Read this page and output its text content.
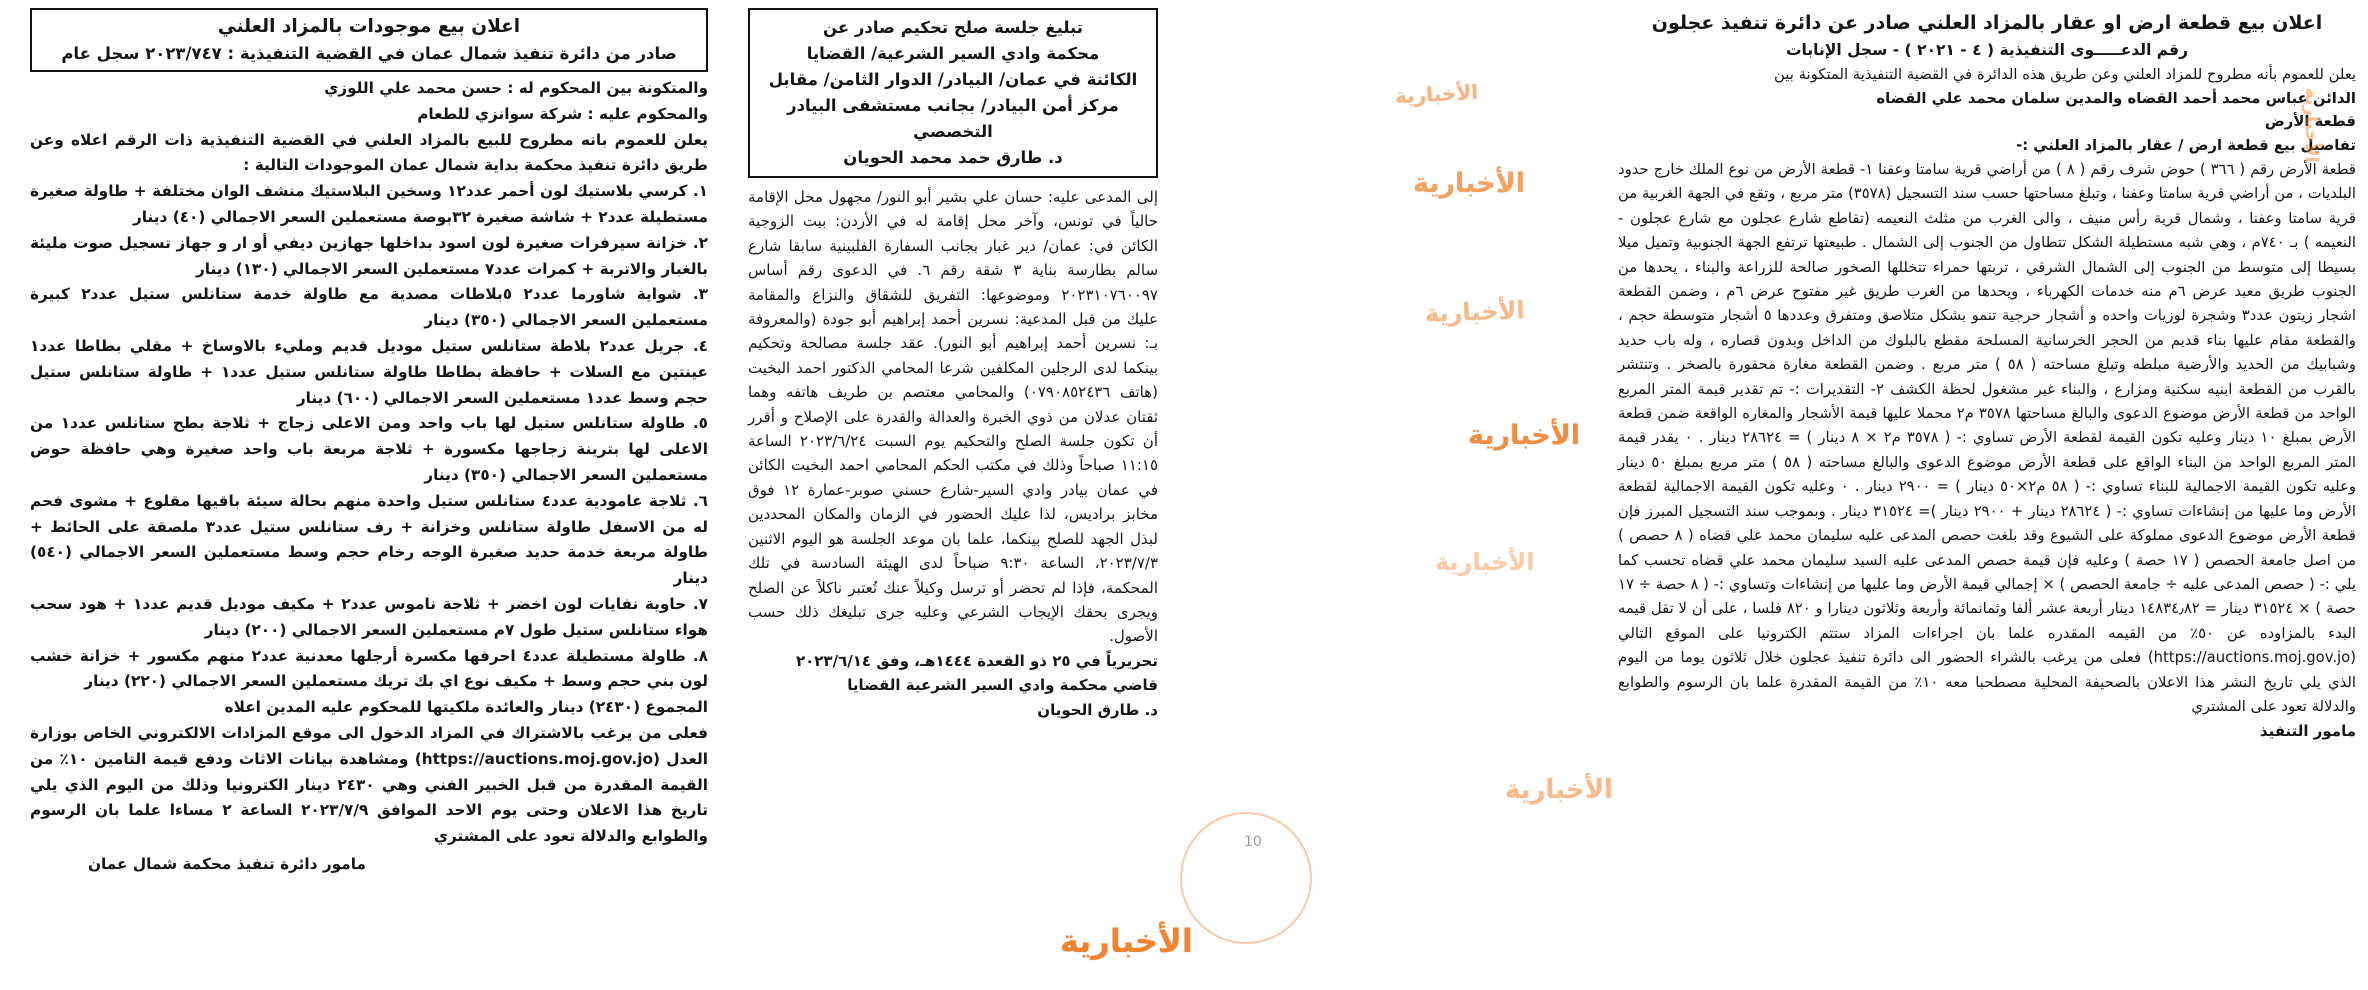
اعلان بيع موجودات بالمزاد العلني
صادر من دائرة تنفيذ شمال عمان في القضية التنفيذية : ٢٠٢٣/٧٤٧ سجل عام
والمتكونة بين المحكوم له : حسن محمد علي اللوزي
والمحكوم عليه : شركة سوانزي للطعام
يعلن للعموم بانه مطروح للبيع بالمزاد العلني في القضية التنفيذية ذات الرقم اعلاه وعن طريق دائرة تنفيذ محكمة بداية شمال عمان الموجودات التالية :
١. كرسي بلاستيك لون أحمر عدد١٢ وسخين البلاستيك منشف الوان مختلفة + طاولة صغيرة مستطيلة عدد٢ + شاشة صغيرة ٣٢بوصة مستعملين السعر الاجمالي (٤٠) دينار
٢. خزانة سيرفرات صغيرة لون اسود بداخلها جهازين ديفي أو ار و جهاز تسجيل صوت مليئة بالغبار والاتربة + كمرات عدد٧ مستعملين السعر الاجمالي (١٣٠) دينار
٣. شواية شاورما عدد٢ ٥بلاطات مصدية مع طاولة خدمة ستانلس ستيل عدد٢ كبيرة مستعملين السعر الاجمالي (٣٥٠) دينار
٤. جريل عدد٢ بلاطة ستانلس ستيل موديل قديم ومليء بالاوساخ + مقلي بطاطا عدد١ عينتين مع السلات + حافظة بطاطا طاولة ستانلس ستيل عدد١ + طاولة ستانلس ستيل حجم وسط عدد١ مستعملين السعر الاجمالي (٦٠٠) دينار
٥. طاولة ستانلس ستيل لها باب واحد ومن الاعلى زجاج + ثلاجة بطح ستانلس عدد١ من الاعلى لها بترينة زجاجها مكسورة + ثلاجة مربعة باب واحد صغيرة وهي حافظة حوض مستعملين السعر الاجمالي (٣٥٠) دينار
٦. ثلاجة عامودية عدد٤ ستانلس ستيل واحدة منهم بحالة سيئة باقيها مقلوع + مشوى فحم له من الاسفل طاولة ستانلس وخزانة + رف ستانلس ستيل عدد٣ ملصقة على الحائط + طاولة مربعة خدمة حديد صغيرة الوجه رخام حجم وسط مستعملين السعر الاجمالي (٥٤٠) دينار
٧. حاوية نفايات لون اخضر + ثلاجة ناموس عدد٢ + مكيف موديل قديم عدد١ + هود سحب هواء ستانلس ستيل طول ٧م مستعملين السعر الاجمالي (٢٠٠) دينار
٨. طاولة مستطيلة عدد٤ احرفها مكسرة أرجلها معدنية عدد٢ منهم مكسور + خزانة خشب لون بني حجم وسط + مكيف نوع اي بك تريك مستعملين السعر الاجمالي (٢٢٠) دينار
المجموع (٢٤٣٠) دينار والعائدة ملكيتها للمحكوم عليه المدين اعلاه
فعلى من يرغب بالاشتراك في المزاد الدخول الى موقع المزادات الالكتروني الخاص بوزارة العدل (https://auctions.moj.gov.jo) ومشاهدة بيانات الاثاث ودفع قيمة التامين ١٠٪ من القيمة المقدرة من قبل الخبير الفني وهي ٢٤٣٠ دينار الكترونيا وذلك من اليوم الذي يلي تاريخ هذا الاعلان وحتى يوم الاحد الموافق ٢٠٢٣/٧/٩ الساعة ٢ مساءا علما بان الرسوم والطوابع والدلالة تعود على المشتري
مامور دائرة تنفيذ محكمة شمال عمان
تبليغ جلسة صلح تحكيم صادر عن
محكمة وادي السير الشرعية/ القضايا
الكائنة في عمان/ البيادر/ الدوار الثامن/ مقابل
مركز أمن البيادر/ بجانب مستشفى البيادر التخصصي
د. طارق حمد محمد الحويان
إلى المدعى عليه: حسان علي بشير أبو النور/ مجهول محل الإقامة حالياً في تونس، وآخر محل إقامة له في الأردن: بيت الزوجية الكائن في: عمان/ دير غبار بجانب السفارة الفلبينية سابقا شارع سالم بطارسة بناية ٣ شقة رقم ٦. في الدعوى رقم أساس ٢٠٢٣١٠٧٦٠٠٩٧ وموضوعها: التفريق للشقاق والنزاع والمقامة عليك من قبل المدعية: نسرين أحمد إبراهيم أبو جودة (والمعروفة بـ: نسرين أحمد إبراهيم أبو النور). عقد جلسة مصالحة وتحكيم بينكما لدى الرجلين المكلفين شرعا المحامي الدكتور احمد البخيت (هاتف ٠٧٩٠٨٥٢٤٣٦) والمحامي معتصم بن طريف هاتفه وهما ثقتان عدلان من ذوي الخبرة والعدالة والقدرة على الإصلاح و أقرر أن تكون جلسة الصلح والتحكيم يوم السبت ٢٠٢٣/٦/٢٤ الساعة ١١:١٥ صباحاً وذلك في مكتب الحكم المحامي احمد البخيت الكائن في عمان بيادر وادي السير-شارع حسني صوبر-عمارة ١٢ فوق مخابز براديس، لذا عليك الحضور في الزمان والمكان المحددين لبذل الجهد للصلح بينكما، علما بان موعد الجلسة هو اليوم الاثنين ٢٠٢٣/٧/٣، الساعة ٩:٣٠ صباحاً لدى الهيئة السادسة في تلك المحكمة، فإذا لم تحضر أو ترسل وكيلاً عنك تُعتبر ناكلاً عن الصلح ويجرى بحقك الإيجاب الشرعي وعليه جرى تبليغك ذلك حسب الأصول.
تحريرياً في ٢٥ ذو القعدة ١٤٤٤هـ، وفق ٢٠٢٣/٦/١٤
قاضي محكمة وادي السير الشرعية القضايا
د. طارق الحويان
اعلان بيع قطعة ارض او عقار بالمزاد العلني صادر عن دائرة تنفيذ عجلون
رقم الدعـــــوى التنفيذية ( ٤ - ٢٠٢١ ) - سجل الإنابات
يعلن للعموم بأنه مطروح للمزاد العلني وعن طريق هذه الدائرة في القضية التنفيذية المتكونة بين
الدائن عباس محمد أحمد القضاه والمدين سلمان محمد علي القضاه
قطعة الأرض
تفاصيل بيع قطعة ارض / عقار بالمزاد العلني :-
قطعة الأرض رقم ( ٣٦٦ ) حوض شرف رقم ( ٨ ) من أراضي قرية سامتا وعفنا ١- قطعة الأرض من نوع الملك خارج حدود البلديات ، من أراضي قرية سامتا وعفنا ، وتبلغ مساحتها حسب سند التسجيل (٣٥٧٨) متر مربع ، وتقع في الجهة الغربية من قرية سامتا وعفنا ، وشمال قرية رأس منيف ، والى الغرب من مثلث النعيمه (تقاطع شارع عجلون مع شارع عجلون - النعيمه ) بـ ٧٤٠م ، وهي شبه مستطيلة الشكل تتطاول من الجنوب إلى الشمال . طبيعتها ترتفع الجهة الجنوبية وتميل ميلا بسيطا إلى متوسط من الجنوب إلى الشمال الشرقي ، تربتها حمراء تتخللها الصخور صالحة للزراعة والبناء ، يحدها من الجنوب طريق معبد عرض ٦م منه خدمات الكهرباء ، ويحدها من الغرب طريق غير مفتوح عرض ٦م ، وضمن القطعة اشجار زيتون عدد٣ وشجرة لوزيات واحده و أشجار حرجية تنمو بشكل متلاصق ومتفرق وعددها ٥ أشجار متوسطة حجم ، والقطعة مقام عليها بناء قديم من الحجر الخرسانية المسلحة مقطع بالبلوك من الداخل وبدون قصاره ، وله باب حديد وشبابيك من الحديد والأرضية مبلطه وتبلغ مساحته ( ٥٨ ) متر مربع . وضمن القطعة مغارة محفورة بالصخر . وتنتشر بالقرب من القطعة ابنيه سكنية ومزارع ، والبناء غير مشغول لحظة الكشف ٢- التقديرات :- تم تقدير قيمة المتر المربع الواحد من قطعة الأرض موضوع الدعوى والبالغ مساحتها ٣٥٧٨ م٢ محملا عليها قيمة الأشجار والمغاره الواقعة ضمن قطعة الأرض بمبلغ ١٠ دينار وعليه تكون القيمة لقطعة الأرض تساوي :- ( ٣٥٧٨ م٢ × ٨ دينار ) = ٢٨٦٢٤ دينار . ٠ يقدر قيمة المتر المربع الواحد من البناء الواقع على قطعة الأرض موضوع الدعوى والبالغ مساحته ( ٥٨ ) متر مربع بمبلغ ٥٠ دينار وعليه تكون القيمة الاجمالية للبناء تساوي :- ( ٥٨ م٢×٥٠ دينار ) = ٢٩٠٠ دينار . ٠ وعليه تكون القيمة الاجمالية لقطعة الأرض وما عليها من إنشاءات تساوي :- ( ٢٨٦٢٤ دينار + ٢٩٠٠ دينار )= ٣١٥٢٤ دينار . وبموجب سند التسجيل المبرز فإن قطعة الأرض موضوع الدعوى مملوكة على الشيوع وقد بلغت حصص المدعى عليه سليمان محمد علي قضاه ( ٨ حصص ) من اصل جامعة الحصص ( ١٧ حصة ) وعليه فإن قيمة حصص المدعى عليه السيد سليمان محمد علي قضاه تحسب كما يلي :- ( حصص المدعى عليه ÷ جامعة الحصص ) × إجمالي قيمة الأرض وما عليها من إنشاءات وتساوي :- ( ٨ حصة ÷ ١٧ حصة ) × ٣١٥٢٤ دينار = ١٤٨٣٤٫٨٢ دينار أربعة عشر ألفا وثمانمائة وأربعة وثلاثون دينارا و ٨٢٠ فلسا ، على أن لا تقل قيمه البدء بالمزاوده عن ٥٠٪ من القيمه المقدره علما بان اجراءات المزاد ستتم الكترونيا على الموقع التالي (https://auctions.moj.gov.jo) فعلى من يرغب بالشراء الحضور الى دائرة تنفيذ عجلون خلال ثلاثون يوما من اليوم الذي يلي تاريخ النشر هذا الاعلان بالصحيفة المحلية مصطحبا معه ١٠٪ من القيمة المقدرة علما بان الرسوم والطوابع والدلالة تعود على المشتري
مامور التنفيذ
الأخبارية
الأخبارية
الأخبارية
الأخبارية
الأخبارية
الأخبارية
الأخبارية
الأخبارية
10
